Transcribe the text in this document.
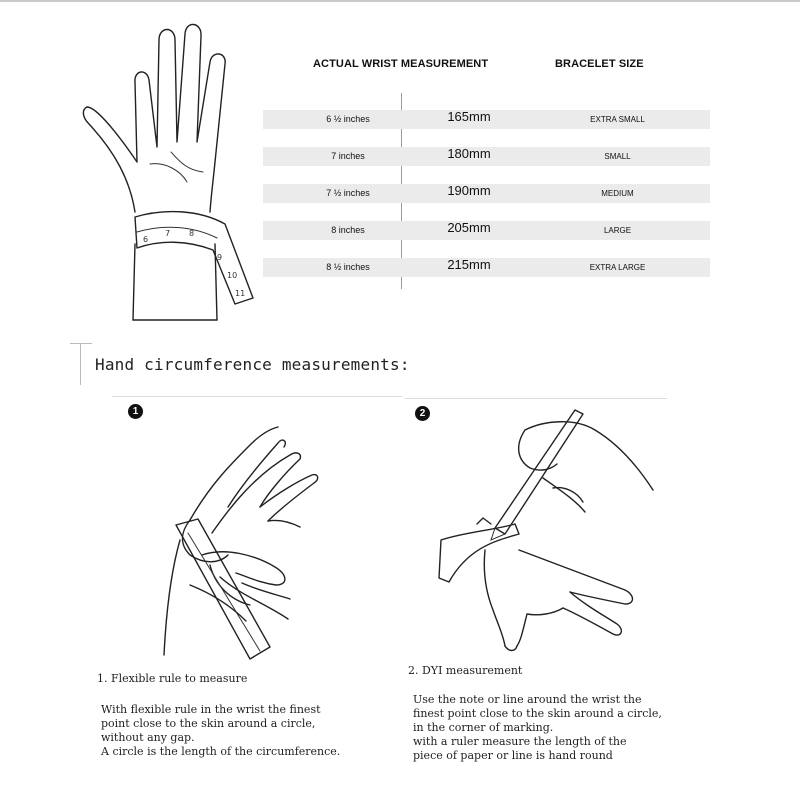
6
7 8
9
10
11
ACTUAL WRIST MEASUREMENT	BRACELET SIZE
6 ½ inches	165mm	EXTRA SMALL
7 inches	180mm	SMALL
7 ½ inches	190mm	MEDIUM
8 inches	205mm	LARGE
8 ½ inches	215mm	EXTRA LARGE
Hand circumference measurements:
1
1. Flexible rule to measure
With flexible rule in the wrist the finest
point close to the skin around a circle,
without any gap.
A circle is the length of the circumference.
2
2. DYI measurement
Use the note or line around the wrist the
finest point close to the skin around a circle,
in the corner of marking.
with a ruler measure the length of the
piece of paper or line is hand round
